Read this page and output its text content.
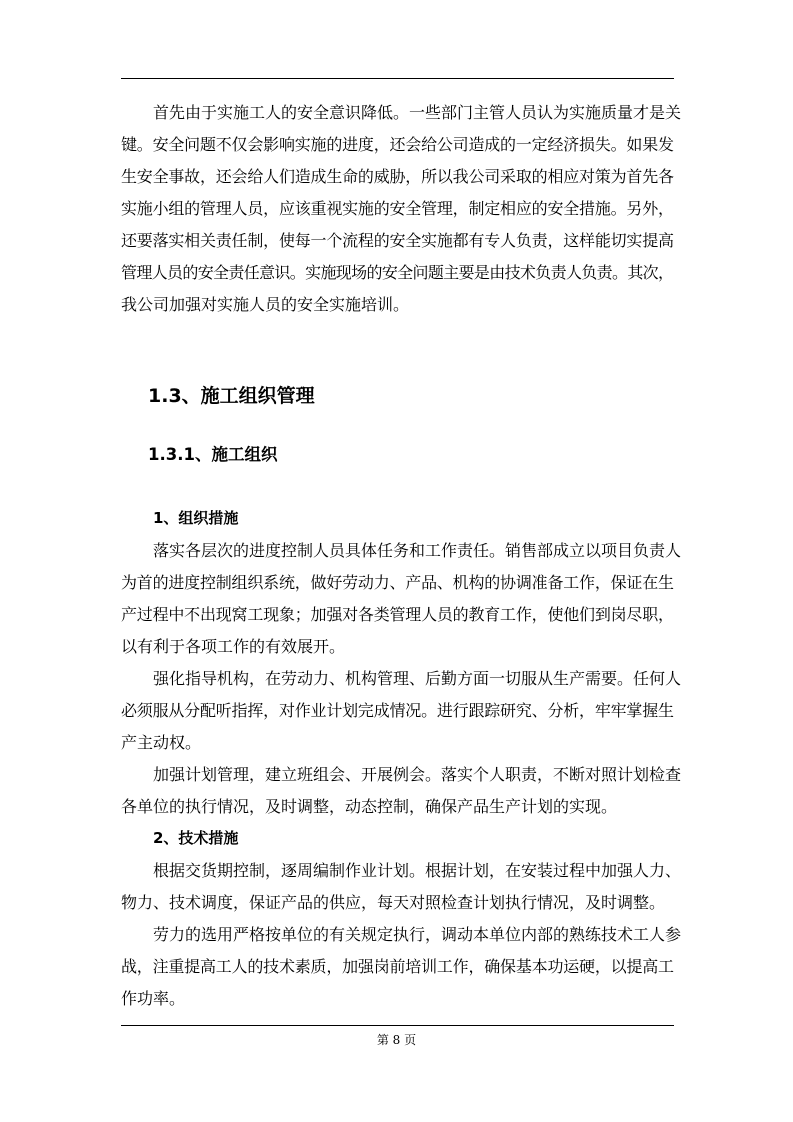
首先由于实施工人的安全意识降低。一些部门主管人员认为实施质量才是关
键。安全问题不仅会影响实施的进度，还会给公司造成的一定经济损失。如果发
生安全事故，还会给人们造成生命的威胁，所以我公司采取的相应对策为首先各
实施小组的管理人员，应该重视实施的安全管理，制定相应的安全措施。另外，
还要落实相关责任制，使每一个流程的安全实施都有专人负责，这样能切实提高
管理人员的安全责任意识。实施现场的安全问题主要是由技术负责人负责。其次，
我公司加强对实施人员的安全实施培训。
1.3、施工组织管理
1.3.1、施工组织
1、组织措施
落实各层次的进度控制人员具体任务和工作责任。销售部成立以项目负责人
为首的进度控制组织系统，做好劳动力、产品、机构的协调准备工作，保证在生
产过程中不出现窝工现象；加强对各类管理人员的教育工作，使他们到岗尽职，
以有利于各项工作的有效展开。
强化指导机构，在劳动力、机构管理、后勤方面一切服从生产需要。任何人
必须服从分配听指挥，对作业计划完成情况。进行跟踪研究、分析，牢牢掌握生
产主动权。
加强计划管理，建立班组会、开展例会。落实个人职责，不断对照计划检查
各单位的执行情况，及时调整，动态控制，确保产品生产计划的实现。
2、技术措施
根据交货期控制，逐周编制作业计划。根据计划，在安装过程中加强人力、
物力、技术调度，保证产品的供应，每天对照检查计划执行情况，及时调整。
劳力的选用严格按单位的有关规定执行，调动本单位内部的熟练技术工人参
战，注重提高工人的技术素质，加强岗前培训工作，确保基本功运硬，以提高工
作功率。
第 8 页
